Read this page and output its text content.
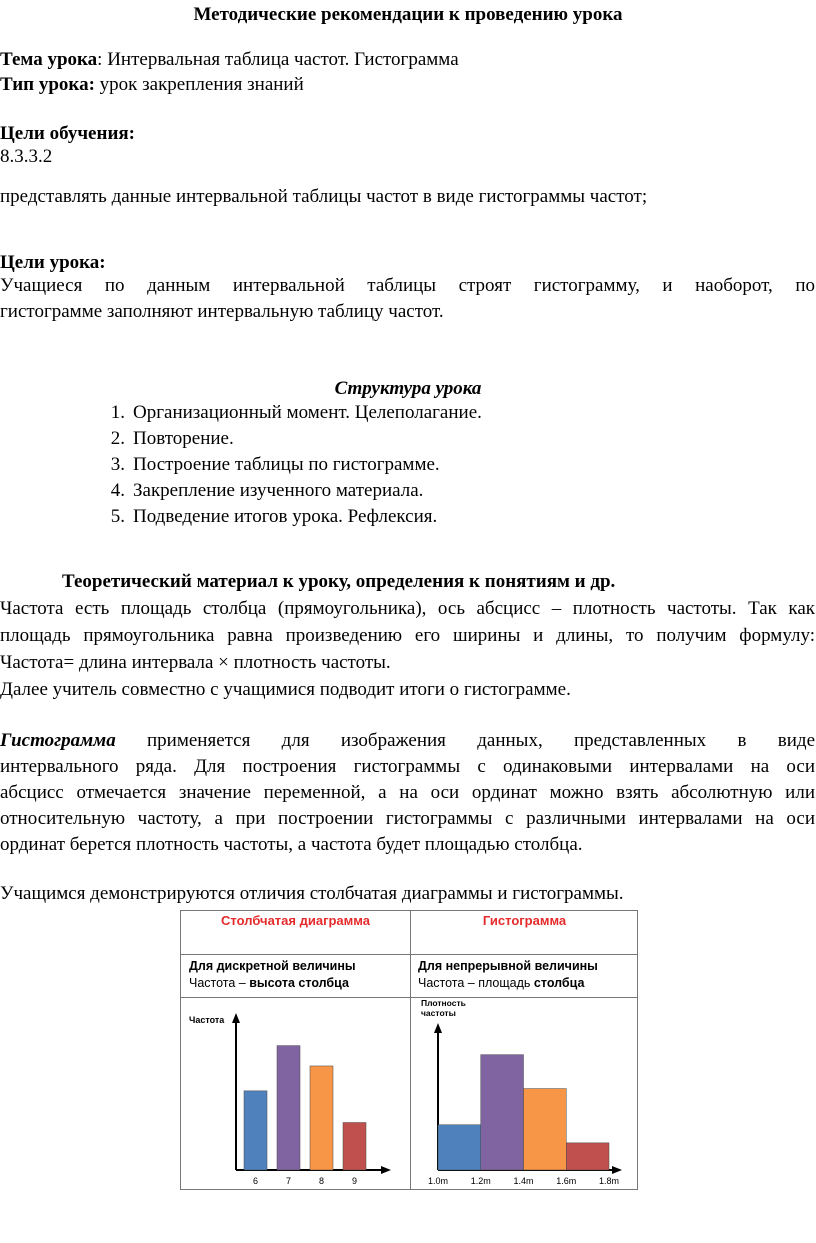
Методические рекомендации к проведению урока
Тема урока: Интервальная таблица частот. Гистограмма
Тип урока: урок закрепления знаний
Цели обучения:
8.3.3.2
представлять данные интервальной таблицы частот в виде гистограммы частот;
Цели урока:
Учащиеся по данным интервальной таблицы строят гистограмму, и наоборот, по
гистограмме заполняют интервальную таблицу частот.
Структура урока
1. Организационный момент. Целеполагание.
2. Повторение.
3. Построение таблицы по гистограмме.
4. Закрепление изученного материала.
5. Подведение итогов урока. Рефлексия.
Теоретический материал к уроку, определения к понятиям и др.
Частота есть площадь столбца (прямоугольника), ось абсцисс – плотность частоты. Так как
площадь прямоугольника равна произведению его ширины и длины, то получим формулу:
Частота= длина интервала × плотность частоты.
Далее учитель совместно с учащимися подводит итоги о гистограмме.
Гистограмма применяется для изображения данных, представленных в виде
интервального ряда. Для построения гистограммы с одинаковыми интервалами на оси
абсцисс отмечается значение переменной, а на оси ординат можно взять абсолютную или
относительную частоту, а при построении гистограммы с различными интервалами на оси
ординат берется плотность частоты, а частота будет площадью столбца.
Учащимся демонстрируются отличия столбчатая диаграммы и гистограммы.
Столбчатая диаграмма	Гистограмма
Для дискретной величины
Частота – высота столбца
Для непрерывной величины
Частота – площадь столбца
Частота
6	7	8	9
Плотность частоты
1.0m	1.2m	1.4m	1.6m	1.8m
